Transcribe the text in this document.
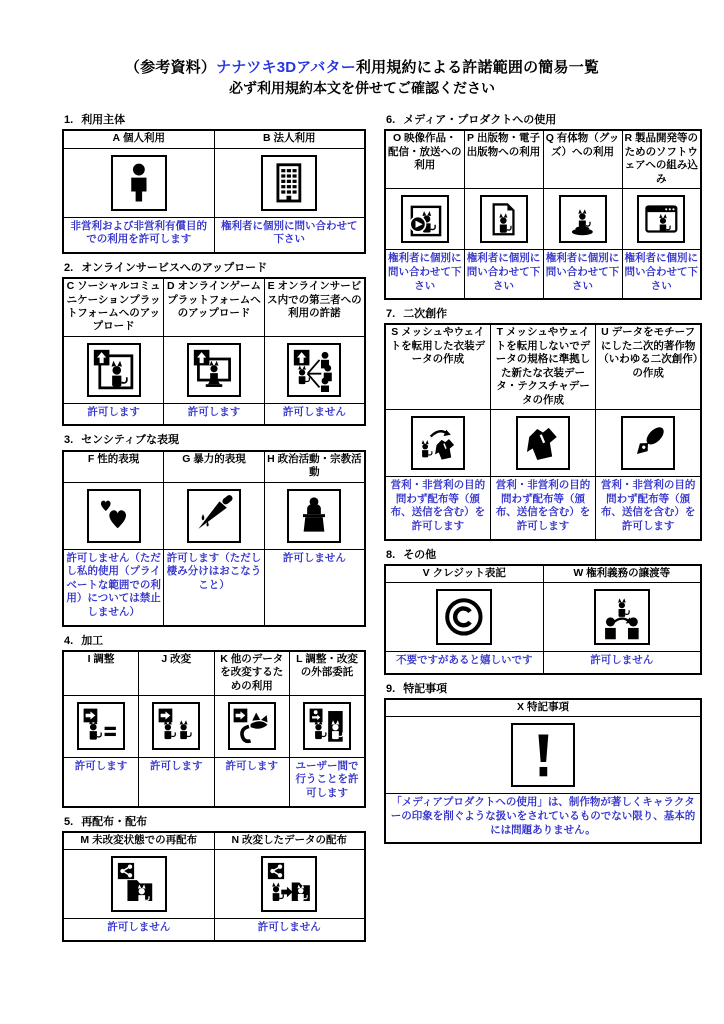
（参考資料）ナナツキ3Dアバター利用規約による許諾範囲の簡易一覧
必ず利用規約本文を併せてご確認ください
1. 利用主体
A 個人利用	B 法人利用

非営利および非営利有償目的での利用を許可します	権利者に個別に問い合わせて下さい
2. オンラインサービスへのアップロード
C ソーシャルコミュニケーションプラットフォームへのアップロード	D オンラインゲームプラットフォームへのアップロード	E オンラインサービス内での第三者への利用の許諾

許可します	許可します	許可しません
3. センシティブな表現
F 性的表現	G 暴力的表現	H 政治活動・宗教活動

許可しません（ただし私的使用（プライベートな範囲での利用）については禁止しません）	許可します（ただし棲み分けはおこなうこと）	許可しません
4. 加工
I 調整	J 改変	K 他のデータを改変するための利用	L 調整・改変の外部委託

許可します	許可します	許可します	ユーザー間で行うことを許可します
5. 再配布・配布
M 未改変状態での再配布	N 改変したデータの配布

許可しません	許可しません
6. メディア・プロダクトへの使用
O 映像作品・配信・放送への利用	P 出版物・電子出版物への利用	Q 有体物（グッズ）への利用	R 製品開発等のためのソフトウェアへの組み込み

権利者に個別に問い合わせて下さい	権利者に個別に問い合わせて下さい	権利者に個別に問い合わせて下さい	権利者に個別に問い合わせて下さい
7. 二次創作
S メッシュやウェイトを転用した衣装データの作成	T メッシュやウェイトを転用しないでデータの規格に準拠した新たな衣装データ・テクスチャデータの作成	U データをモチーフにした二次的著作物（いわゆる二次創作）の作成

営利・非営利の目的問わず配布等（頒布、送信を含む）を許可します	営利・非営利の目的問わず配布等（頒布、送信を含む）を許可します	営利・非営利の目的問わず配布等（頒布、送信を含む）を許可します
8. その他
V クレジット表記	W 権利義務の譲渡等

不要ですがあると嬉しいです	許可しません
9. 特記事項
X 特記事項

「メディアプロダクトへの使用」は、制作物が著しくキャラクターの印象を削ぐような扱いをされているものでない限り、基本的には問題ありません。
